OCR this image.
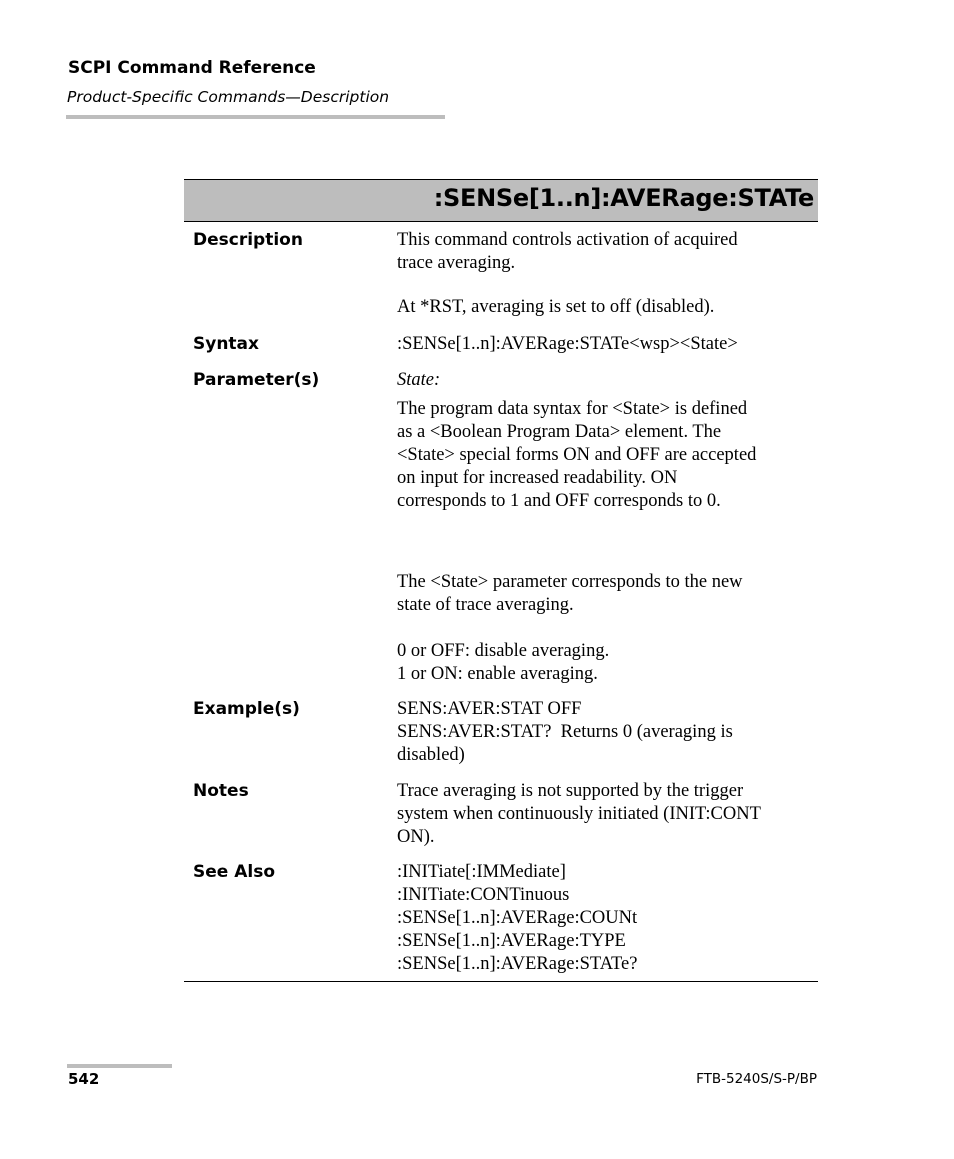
SCPI Command Reference
Product-Specific Commands—Description
:SENSe[1..n]:AVERage:STATe
Description	This command controls activation of acquired
trace averaging.
At *RST, averaging is set to off (disabled).
Syntax	:SENSe[1..n]:AVERage:STATe<wsp><State>
Parameter(s)	State:
The program data syntax for <State> is defined
as a <Boolean Program Data> element. The
<State> special forms ON and OFF are accepted
on input for increased readability. ON
corresponds to 1 and OFF corresponds to 0.
The <State> parameter corresponds to the new
state of trace averaging.
0 or OFF: disable averaging.
1 or ON: enable averaging.
Example(s)	SENS:AVER:STAT OFF
SENS:AVER:STAT?  Returns 0 (averaging is
disabled)
Notes	Trace averaging is not supported by the trigger
system when continuously initiated (INIT:CONT
ON).
See Also	:INITiate[:IMMediate]
:INITiate:CONTinuous
:SENSe[1..n]:AVERage:COUNt
:SENSe[1..n]:AVERage:TYPE
:SENSe[1..n]:AVERage:STATe?
542	FTB-5240S/S-P/BP
